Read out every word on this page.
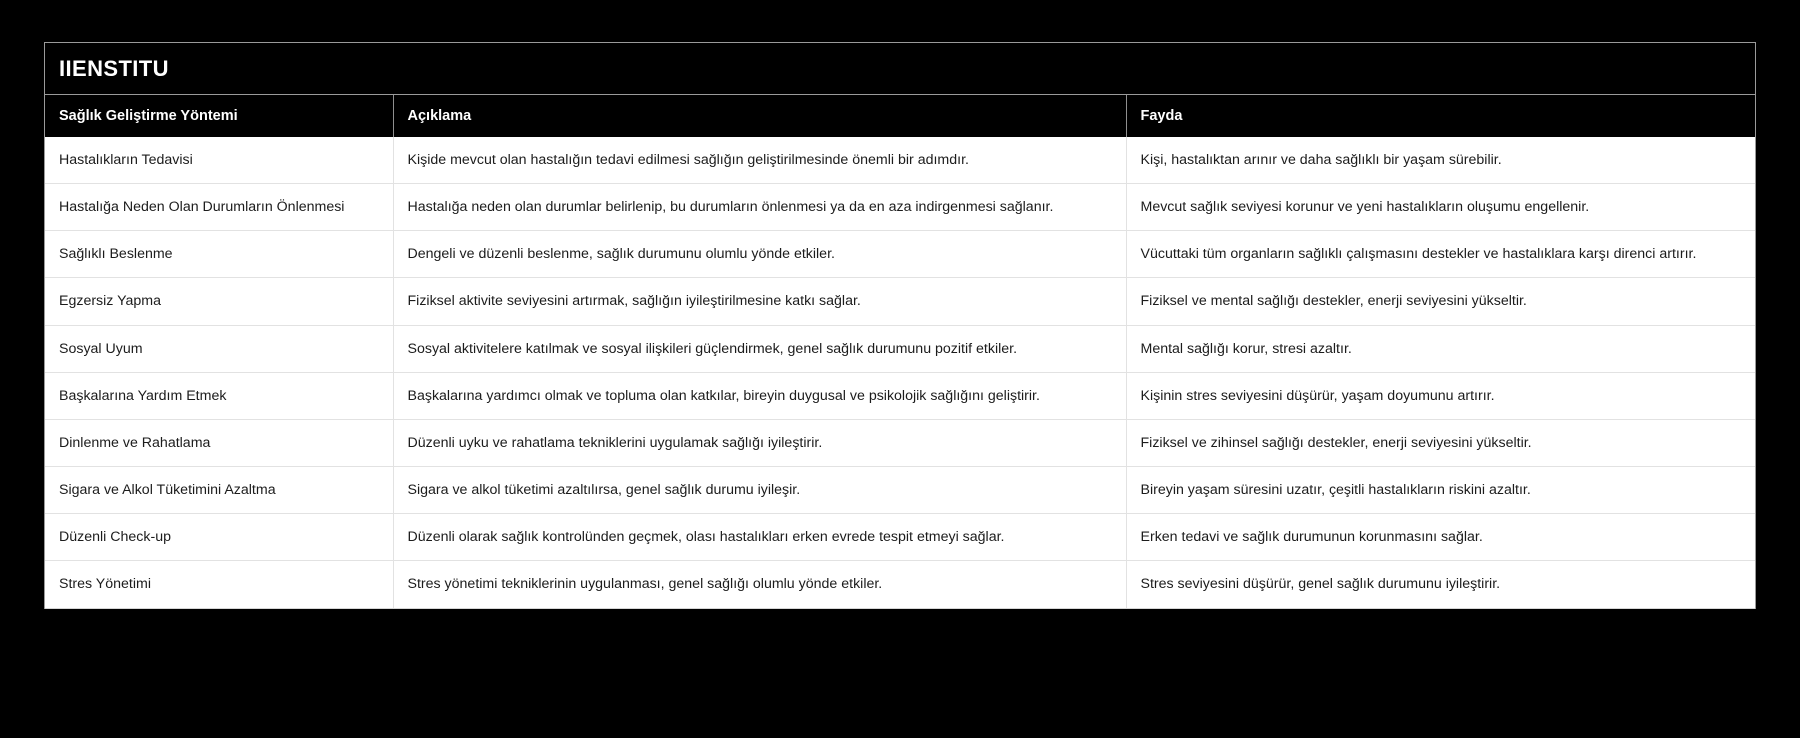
IIENSTITU
Sağlık Geliştirme Yöntemi	Açıklama	Fayda
Hastalıkların Tedavisi	Kişide mevcut olan hastalığın tedavi edilmesi sağlığın geliştirilmesinde önemli bir adımdır.	Kişi, hastalıktan arınır ve daha sağlıklı bir yaşam sürebilir.
Hastalığa Neden Olan Durumların Önlenmesi	Hastalığa neden olan durumlar belirlenip, bu durumların önlenmesi ya da en aza indirgenmesi sağlanır.	Mevcut sağlık seviyesi korunur ve yeni hastalıkların oluşumu engellenir.
Sağlıklı Beslenme	Dengeli ve düzenli beslenme, sağlık durumunu olumlu yönde etkiler.	Vücuttaki tüm organların sağlıklı çalışmasını destekler ve hastalıklara karşı direnci artırır.
Egzersiz Yapma	Fiziksel aktivite seviyesini artırmak, sağlığın iyileştirilmesine katkı sağlar.	Fiziksel ve mental sağlığı destekler, enerji seviyesini yükseltir.
Sosyal Uyum	Sosyal aktivitelere katılmak ve sosyal ilişkileri güçlendirmek, genel sağlık durumunu pozitif etkiler.	Mental sağlığı korur, stresi azaltır.
Başkalarına Yardım Etmek	Başkalarına yardımcı olmak ve topluma olan katkılar, bireyin duygusal ve psikolojik sağlığını geliştirir.	Kişinin stres seviyesini düşürür, yaşam doyumunu artırır.
Dinlenme ve Rahatlama	Düzenli uyku ve rahatlama tekniklerini uygulamak sağlığı iyileştirir.	Fiziksel ve zihinsel sağlığı destekler, enerji seviyesini yükseltir.
Sigara ve Alkol Tüketimini Azaltma	Sigara ve alkol tüketimi azaltılırsa, genel sağlık durumu iyileşir.	Bireyin yaşam süresini uzatır, çeşitli hastalıkların riskini azaltır.
Düzenli Check-up	Düzenli olarak sağlık kontrolünden geçmek, olası hastalıkları erken evrede tespit etmeyi sağlar.	Erken tedavi ve sağlık durumunun korunmasını sağlar.
Stres Yönetimi	Stres yönetimi tekniklerinin uygulanması, genel sağlığı olumlu yönde etkiler.	Stres seviyesini düşürür, genel sağlık durumunu iyileştirir.
